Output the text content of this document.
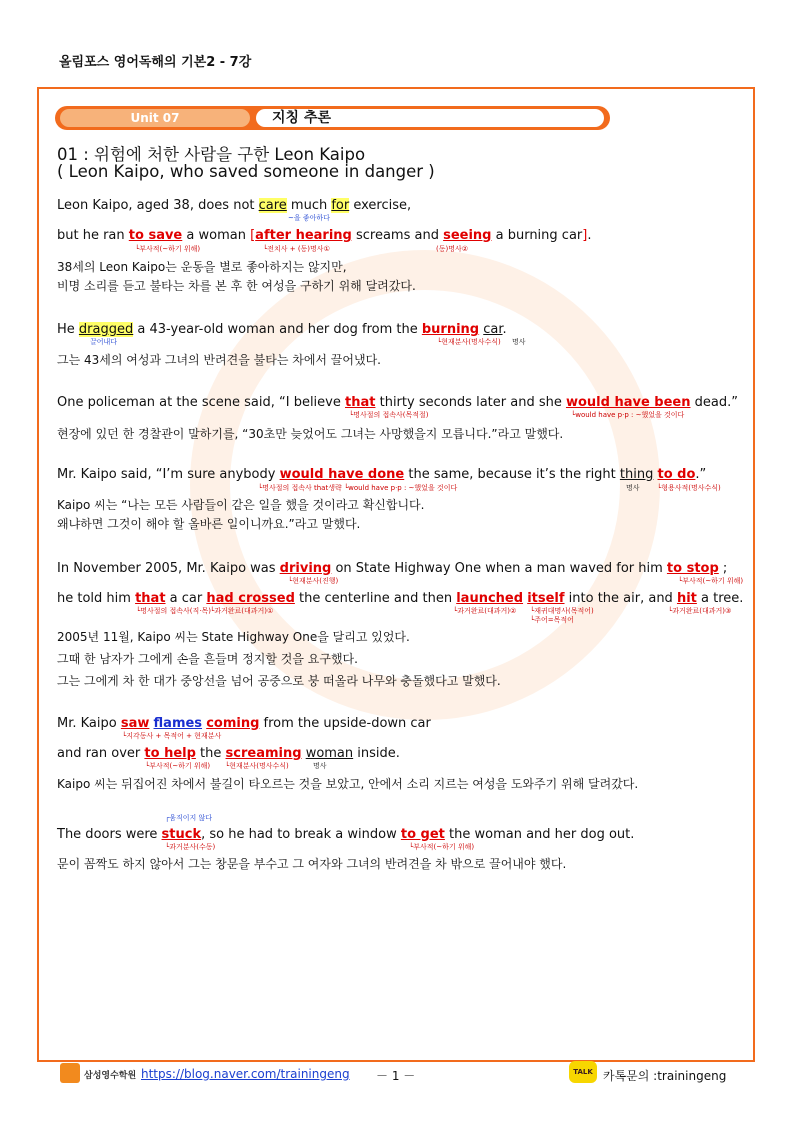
올림포스 영어독해의 기본2 - 7강
Unit 07	지칭 추론
01 : 위험에 처한 사람을 구한 Leon Kaipo
( Leon Kaipo, who saved someone in danger )
Leon Kaipo, aged 38, does not care much for exercise,
~을 좋아하다
but he ran to save a woman [after hearing screams and seeing a burning car].
└부사적(~하기 위해)	└전치사 + (동)명사①	(동)명사②
38세의 Leon Kaipo는 운동을 별로 좋아하지는 않지만,
비명 소리를 듣고 불타는 차를 본 후 한 여성을 구하기 위해 달려갔다.
He dragged a 43-year-old woman and her dog from the burning car.
끌어내다	└현재분사(명사수식) 명사
그는 43세의 여성과 그녀의 반려견을 불타는 차에서 끌어냈다.
One policeman at the scene said, “I believe that thirty seconds later and she would have been dead.”
└명사절의 접속사(목적절)	└would have p·p : ~했었을 것이다
현장에 있던 한 경찰관이 말하기를, “30초만 늦었어도 그녀는 사망했을지 모릅니다.”라고 말했다.
Mr. Kaipo said, “I’m sure anybody would have done the same, because it’s the right thing to do.”
└명사절의 접속사 that생략 └would have p·p : ~했었을 것이다	명사 └형용사적(명사수식)
Kaipo 씨는 “나는 모든 사람들이 같은 일을 했을 것이라고 확신합니다.
왜냐하면 그것이 해야 할 올바른 일이니까요.”라고 말했다.
In November 2005, Mr. Kaipo was driving on State Highway One when a man waved for him to stop ;
└현재분사(진행)	└부사적(~하기 위해)
he told him that a car had crossed the centerline and then launched itself into the air, and hit a tree.
└명사절의 접속사(직·목) └과거완료(대과거)①	└과거완료(대과거)② └재귀대명사(목적어)
└주어=목적어
└과거완료(대과거)③
2005년 11월, Kaipo 씨는 State Highway One을 달리고 있었다.
그때 한 남자가 그에게 손을 흔들며 정지할 것을 요구했다.
그는 그에게 차 한 대가 중앙선을 넘어 공중으로 붕 떠올라 나무와 충돌했다고 말했다.
Mr. Kaipo saw flames coming from the upside-down car
└지각동사 + 목적어 + 현재분사
and ran over to help the screaming woman inside.
└부사적(~하기 위해) └현재분사(명사수식)	명사
Kaipo 씨는 뒤집어진 차에서 불길이 타오르는 것을 보았고, 안에서 소리 지르는 여성을 도와주기 위해 달려갔다.
┌움직이지 않다
The doors were stuck, so he had to break a window to get the woman and her dog out.
└과거분사(수동)	└부사적(~하기 위해)
문이 꼼짝도 하지 않아서 그는 창문을 부수고 그 여자와 그녀의 반려견을 차 밖으로 끌어내야 했다.
삼성영수학원 https://blog.naver.com/trainingeng － 1 －	TALK 카톡문의 :trainingeng
